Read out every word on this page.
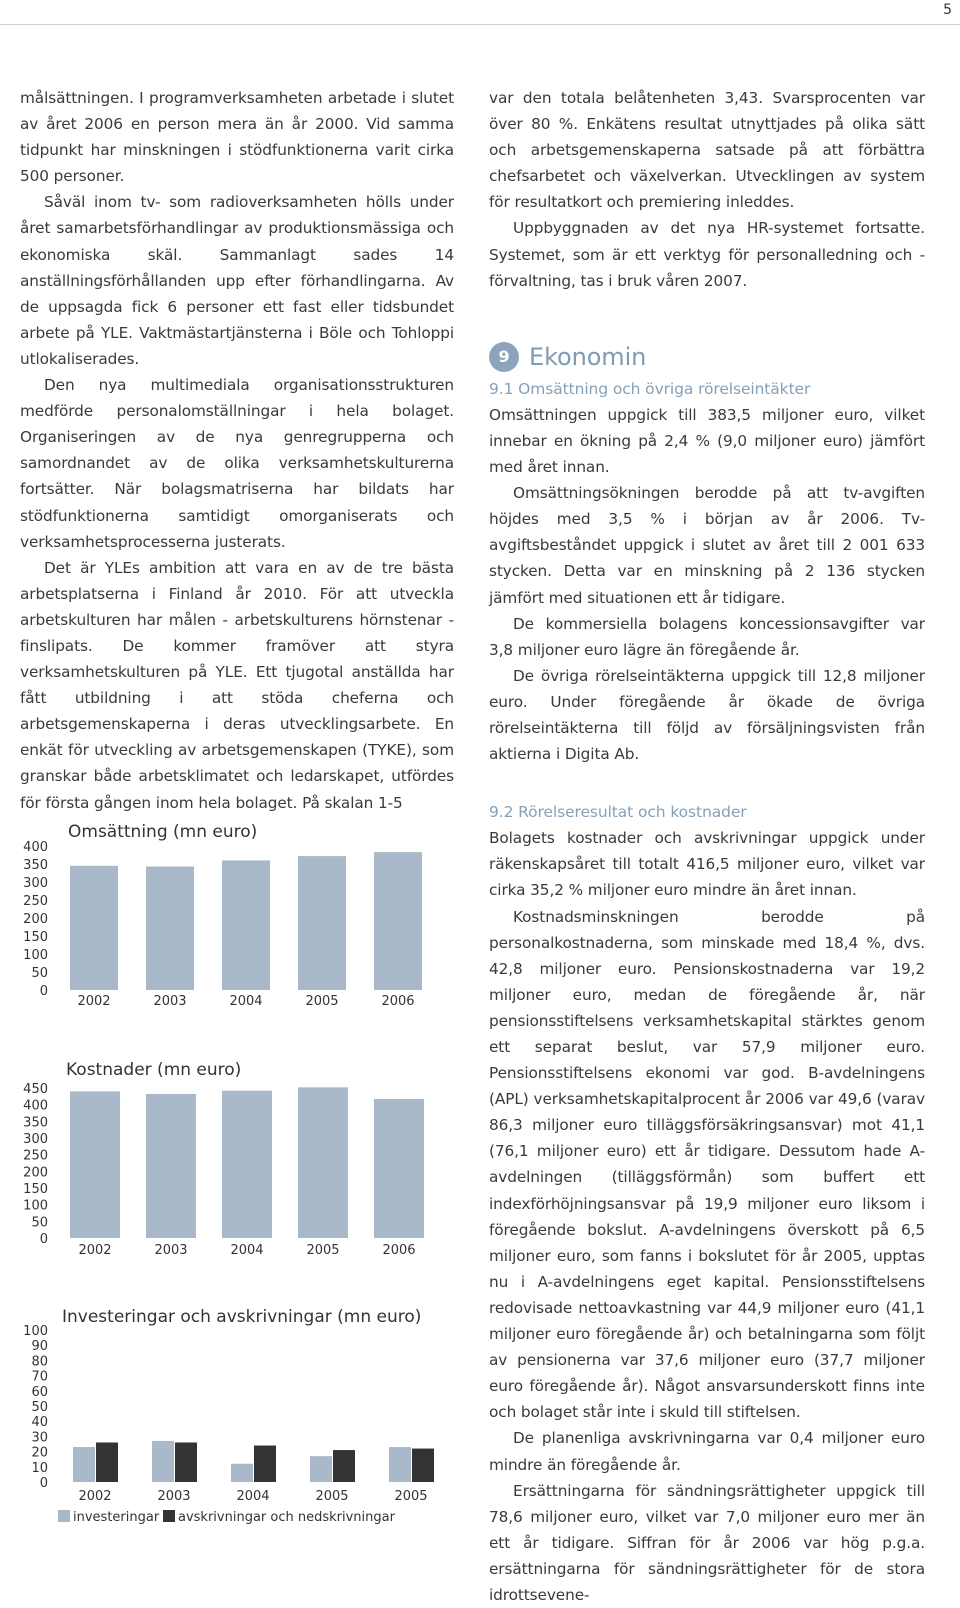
5

målsättningen. I programverksamheten arbetade i slutet av året 2006 en person mera än år 2000. Vid samma tidpunkt har minskningen i stödfunktionerna varit cirka 500 personer.

Såväl inom tv- som radioverksamheten hölls under året samarbetsförhandlingar av produktionsmässiga och ekonomiska skäl. Sammanlagt sades 14 anställningsförhållanden upp efter förhandlingarna. Av de uppsagda fick 6 personer ett fast eller tidsbundet arbete på YLE. Vaktmästartjänsterna i Böle och Tohloppi utlokaliserades.

Den nya multimediala organisationsstrukturen medförde personalomställningar i hela bolaget. Organiseringen av de nya genregrupperna och samordnandet av de olika verksamhetskulturerna fortsätter. När bolagsmatriserna har bildats har stödfunktionerna samtidigt omorganiserats och verksamhetsprocesserna justerats.

Det är YLEs ambition att vara en av de tre bästa arbetsplatserna i Finland år 2010. För att utveckla arbetskulturen har målen - arbetskulturens hörnstenar - finslipats. De kommer framöver att styra verksamhetskulturen på YLE. Ett tjugotal anställda har fått utbildning i att stöda cheferna och arbetsgemenskaperna i deras utvecklingsarbete. En enkät för utveckling av arbetsgemenskapen (TYKE), som granskar både arbetsklimatet och ledarskapet, utfördes för första gången inom hela bolaget. På skalan 1-5

var den totala belåtenheten 3,43. Svarsprocenten var över 80 %. Enkätens resultat utnyttjades på olika sätt och arbetsgemenskaperna satsade på att förbättra chefsarbetet och växelverkan. Utvecklingen av system för resultatkort och premiering inleddes.

Uppbyggnaden av det nya HR-systemet fortsatte. Systemet, som är ett verktyg för personalledning och -förvaltning, tas i bruk våren 2007.

9 Ekonomin
9.1 Omsättning och övriga rörelseintäkter

Omsättningen uppgick till 383,5 miljoner euro, vilket innebar en ökning på 2,4 % (9,0 miljoner euro) jämfört med året innan.

Omsättningsökningen berodde på att tv-avgiften höjdes med 3,5 % i början av år 2006. Tv-avgiftsbeståndet uppgick i slutet av året till 2 001 633 stycken. Detta var en minskning på 2 136 stycken jämfört med situationen ett år tidigare.

De kommersiella bolagens koncessionsavgifter var 3,8 miljoner euro lägre än föregående år.

De övriga rörelseintäkterna uppgick till 12,8 miljoner euro. Under föregående år ökade de övriga rörelseintäkterna till följd av försäljningsvisten från aktierna i Digita Ab.

9.2 Rörelseresultat och kostnader

Bolagets kostnader och avskrivningar uppgick under räkenskapsåret till totalt 416,5 miljoner euro, vilket var cirka 35,2 % miljoner euro mindre än året innan.

Kostnadsminskningen berodde på personalkostnaderna, som minskade med 18,4 %, dvs. 42,8 miljoner euro. Pensionskostnaderna var 19,2 miljoner euro, medan de föregående år, när pensionsstiftelsens verksamhetskapital stärktes genom ett separat beslut, var 57,9 miljoner euro. Pensionsstiftelsens ekonomi var god. B-avdelningens (APL) verksamhetskapitalprocent år 2006 var 49,6 (varav 86,3 miljoner euro tilläggsförsäkringsansvar) mot 41,1 (76,1 miljoner euro) ett år tidigare. Dessutom hade A-avdelningen (tilläggsförmån) som buffert ett indexförhöjningsansvar på 19,9 miljoner euro liksom i föregående bokslut. A-avdelningens överskott på 6,5 miljoner euro, som fanns i bokslutet för år 2005, upptas nu i A-avdelningens eget kapital. Pensionsstiftelsens redovisade nettoavkastning var 44,9 miljoner euro (41,1 miljoner euro föregående år) och betalningarna som följt av pensionerna var 37,6 miljoner euro (37,7 miljoner euro föregående år). Något ansvarsunderskott finns inte och bolaget står inte i skuld till stiftelsen.

De planenliga avskrivningarna var 0,4 miljoner euro mindre än föregående år.

Ersättningarna för sändningsrättigheter uppgick till 78,6 miljoner euro, vilket var 7,0 miljoner euro mer än ett år tidigare. Siffran för år 2006 var hög p.g.a. ersättningarna för sändningsrättigheter för de stora idrottsevene-

Omsättning (mn euro)
0
50
100
150
200
250
300
350
400
2002	2003	2004	2005	2006
Kostnader (mn euro)
0
50
100
150
200
250
300
350
400
450
2002	2003	2004	2005	2006
Investeringar och avskrivningar (mn euro)
0
10
20
30
40
50
60
70
80
90
100
2002	2003	2004	2005	2005
investeringar avskrivningar och nedskrivningar
